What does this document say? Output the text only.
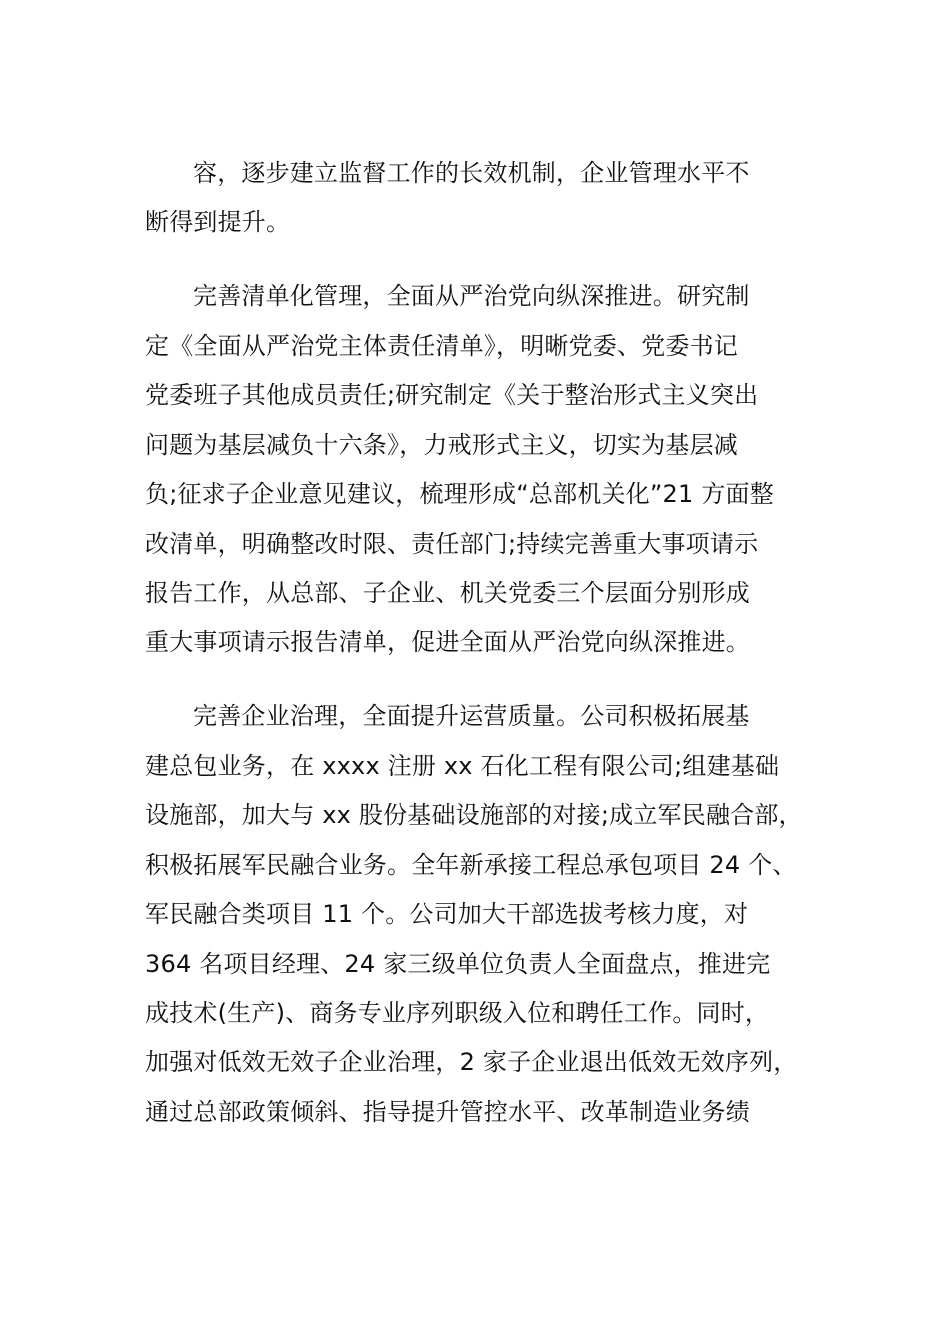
容，逐步建立监督工作的长效机制，企业管理水平不
断得到提升。
完善清单化管理，全面从严治党向纵深推进。研究制
定《全面从严治党主体责任清单》，明晰党委、党委书记
党委班子其他成员责任;研究制定《关于整治形式主义突出
问题为基层减负十六条》，力戒形式主义，切实为基层减
负;征求子企业意见建议，梳理形成“总部机关化”21 方面整
改清单，明确整改时限、责任部门;持续完善重大事项请示
报告工作，从总部、子企业、机关党委三个层面分别形成
重大事项请示报告清单，促进全面从严治党向纵深推进。
完善企业治理，全面提升运营质量。公司积极拓展基
建总包业务，在 xxxx 注册 xx 石化工程有限公司;组建基础
设施部，加大与 xx 股份基础设施部的对接;成立军民融合部，
积极拓展军民融合业务。全年新承接工程总承包项目 24 个、
军民融合类项目 11 个。公司加大干部选拔考核力度，对
364 名项目经理、24 家三级单位负责人全面盘点，推进完
成技术(生产)、商务专业序列职级入位和聘任工作。同时，
加强对低效无效子企业治理，2 家子企业退出低效无效序列，
通过总部政策倾斜、指导提升管控水平、改革制造业务绩
